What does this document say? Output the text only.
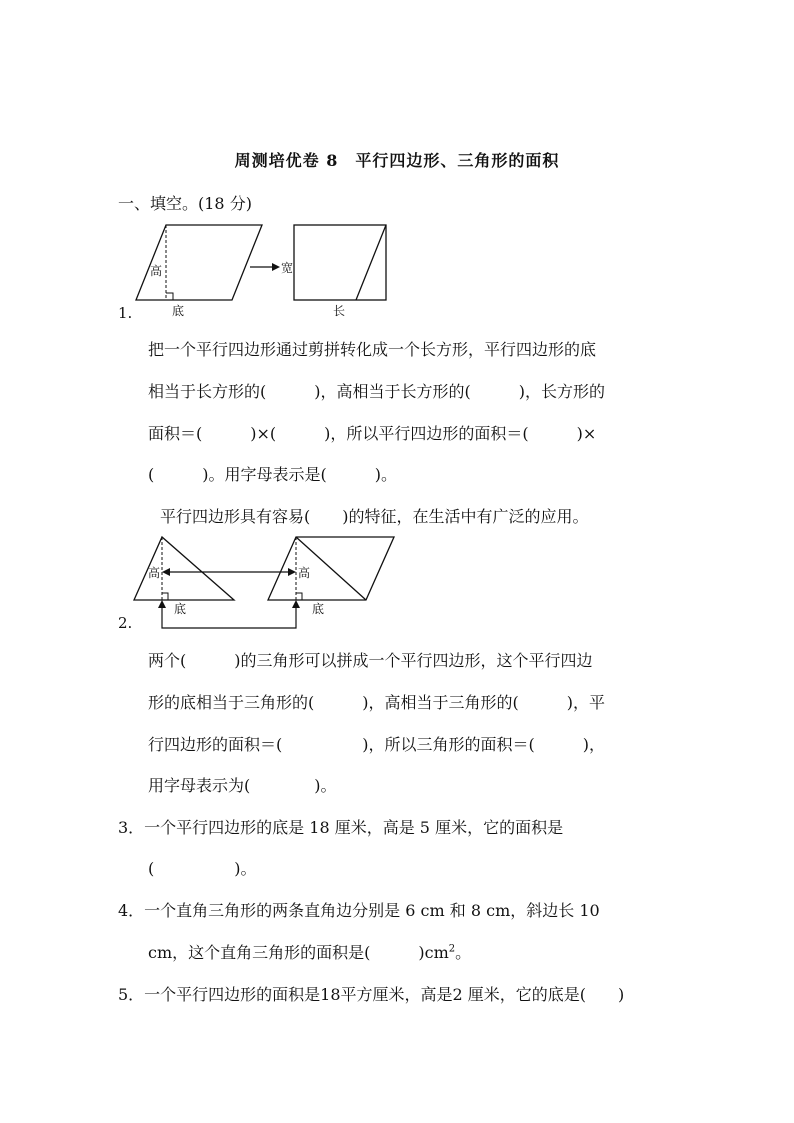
周测培优卷 8　平行四边形、三角形的面积
一、填空。(18 分)
高
底
宽
长
1.
把一个平行四边形通过剪拼转化成一个长方形，平行四边形的底
相当于长方形的(　　　)，高相当于长方形的(　　　)，长方形的
面积＝(　　　)×(　　　)，所以平行四边形的面积＝(　　　)×
(　　　)。用字母表示是(　　　)。
平行四边形具有容易(　　)的特征，在生活中有广泛的应用。
高
底
高
底
2.
两个(　　　)的三角形可以拼成一个平行四边形，这个平行四边
形的底相当于三角形的(　　　)，高相当于三角形的(　　　)，平
行四边形的面积＝(　　　　　)，所以三角形的面积＝(　　　)，
用字母表示为(　　　　)。
3．一个平行四边形的底是 18 厘米，高是 5 厘米，它的面积是
(　　　　　)。
4．一个直角三角形的两条直角边分别是 6 cm 和 8 cm，斜边长 10
cm，这个直角三角形的面积是(　　　)$cm^2$。
5．一个平行四边形的面积是18平方厘米，高是2 厘米，它的底是(　　)
